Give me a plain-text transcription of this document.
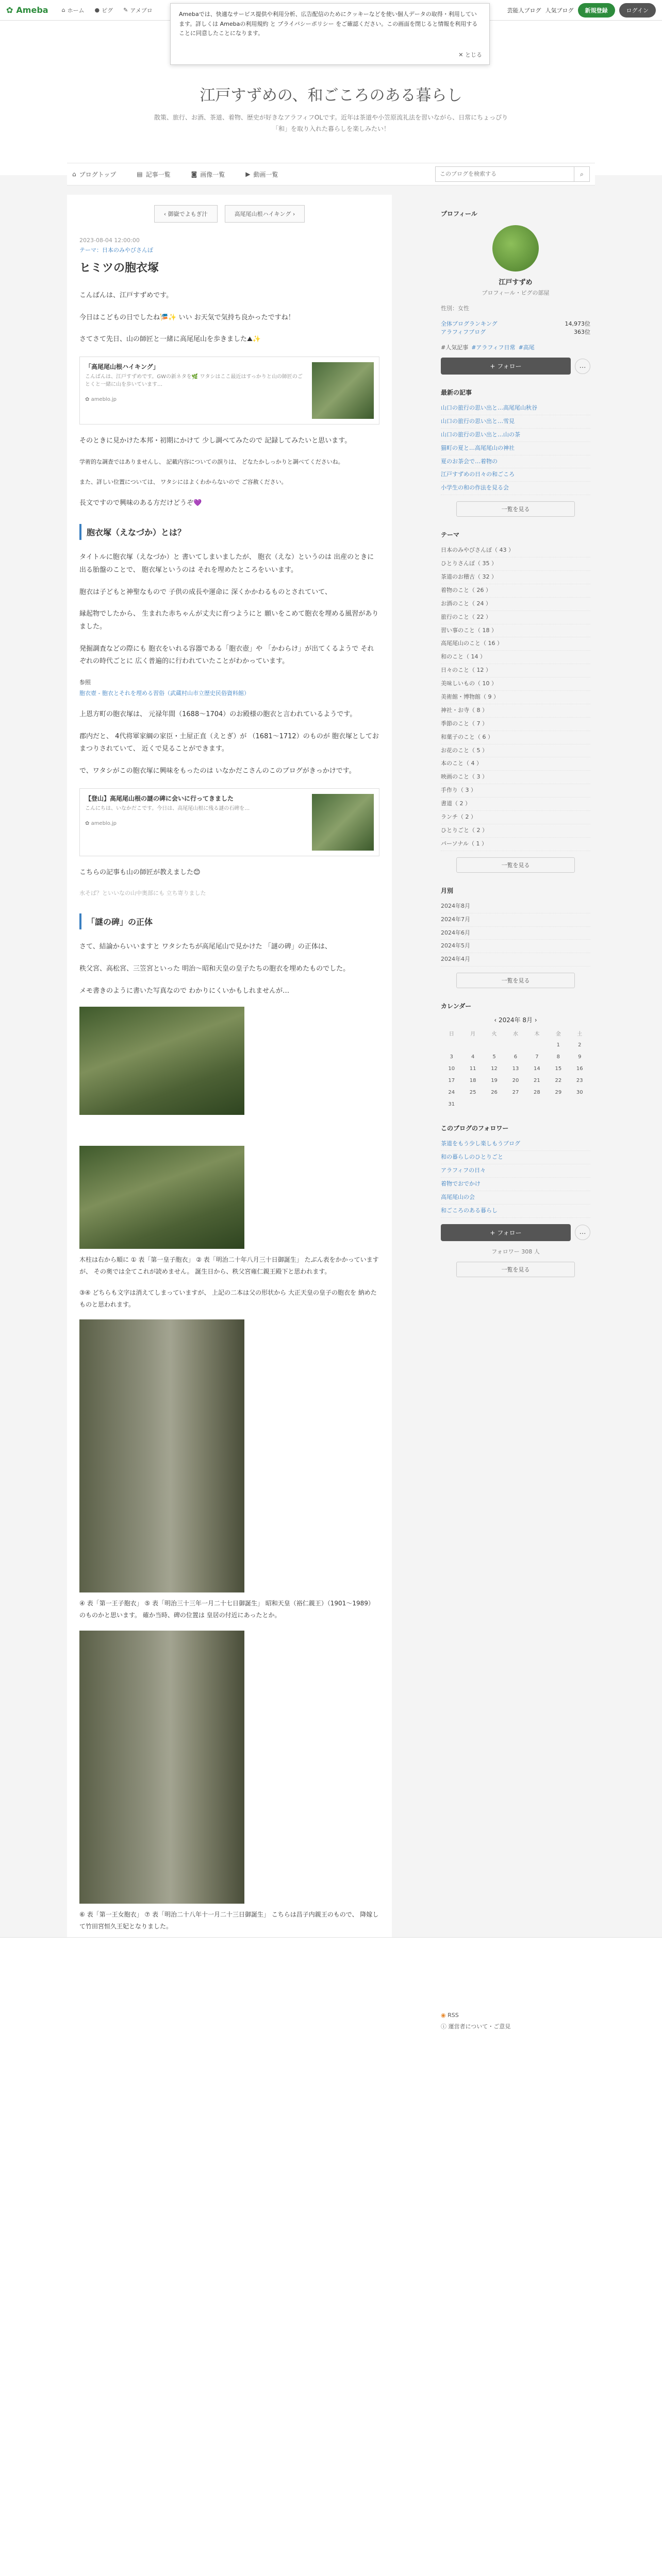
✿ Ameba ⌂ ホーム ● ピグ ✎ アメブロ	芸能人ブログ 人気ブログ	新規登録	ログイン
Amebaでは、快適なサービス提供や利用分析、広告配信のためにクッキーなどを使い個人データの取得・利用しています。詳しくは Amebaの利用規約 と プライバシーポリシー をご確認ください。この画面を閉じると情報を利用することに同意したことになります。
✕ とじる
江戸すずめの、和ごころのある暮らし
散策、旅行、お酒、茶道、着物、歴史が好きなアラフィフOLです。近年は茶道や小笠原流礼法を習いながら、日常にちょっぴり「和」を取り入れた暮らしを楽しみたい！
⌂ ブログトップ	▤ 記事一覧	◙ 画像一覧	▶ 動画一覧
このブログを検索する	⌕
‹ 御嶽でよもぎ汁	高尾尾山根ハイキング ›
2023-08-04 12:00:00
テーマ：日本のみやびさんぽ
ヒミツの胞衣塚
こんばんは、江戸すずめです。
今日はこどもの日でしたね🎏✨ いい お天気で気持ち良かったですね！
さてさて先日、山の師匠と一緒に高尾尾山を歩きました⛰✨
「高尾尾山根ハイキング」

こんばんは、江戸すずめです。GWの新ネタを🌿 ワタシはここ最近はすっかりと山の師匠のごとくと一緒に山を歩いています…

✿ ameblo.jp
そのときに見かけた本邦・初期にかけて 少し調べてみたので 記録してみたいと思います。
学術的な調査ではありませんし、 記載内容についての誤りは、 どなたかしっかりと調べてくださいね。
また、詳しい位置については、 ワタシにはよくわからないので ご容赦ください。
長文ですので興味のある方だけどうぞ💜
胞衣塚（えなづか）とは？
タイトルに胞衣塚（えなづか）と 書いてしまいましたが、 胞衣（えな）というのは 出産のときに出る胎盤のことで、 胞衣塚というのは それを埋めたところをいいます。
胞衣は子どもと神聖なもので 子供の成長や運命に 深くかかわるものとされていて、
縁起物でしたから、 生まれた赤ちゃんが丈夫に育つようにと 願いをこめて胞衣を埋める風習がありました。
発掘調査などの際にも 胞衣をいれる容器である「胞衣壺」や 「かわらけ」が出てくるようで それぞれの時代ごとに 広く普遍的に行われていたことがわかっています。
参照
胞衣壺 - 胞衣とそれを埋める習俗（武蔵村山市立歴史民俗資料館）
上恩方町の胞衣塚は、 元禄年間（1688〜1704）のお殿様の胞衣と言われているようです。
郡内だと、 4代将軍家綱の家臣・土屋正直（えとぎ）が （1681〜1712）のものが 胞衣塚としておまつりされていて、 近くで見ることができます。
で、ワタシがこの胞衣塚に興味をもったのは いなかだこさんのこのブログがきっかけです。
【登山】高尾尾山根の謎の碑に会いに行ってきました

こんにちは、いなかだこです。今日は、高尾尾山根に残る謎の石碑を…

✿ ameblo.jp
こちらの記事も山の師匠が教えました😊
水そば？といいなの山中奥部にも 立ち寄りました
「謎の碑」の正体
さて、結論からいいますと ワタシたちが高尾尾山で見かけた 「謎の碑」の正体は、
秩父宮、高松宮、三笠宮といった 明治〜昭和天皇の皇子たちの胞衣を埋めたものでした。
メモ書きのように書いた写真なので わかりにくいかもしれませんが…
木柱は右から順に ① 表「第一皇子胞衣」 ② 表「明治二十年八月三十日御誕生」 たぶん表をかかっていますが、 その奥では全てこれが読めません。 誕生日から、秩父宮雍仁親王殿下と思われます。
③④ どちらも文字は消えてしまっていますが、 上記の二本は父の形状から 大正天皇の皇子の胞衣を 納めたものと思われます。
④ 表「第一王子胞衣」 ⑤ 表「明治三十三年一月二十七日御誕生」 昭和天皇（裕仁親王）（1901〜1989）のものかと思います。 確か当時、碑の位置は 皇居の付近にあったとか。
⑥ 表「第一王女胞衣」 ⑦ 表「明治二十八年十一月二十三日御誕生」 こちらは昌子内親王のもので、 降嫁して竹田宮恒久王妃となりました。
プロフィール
江戸すずめ
プロフィール・ピグの部屋
性別：女性
全体ブログランキング	14,973位
アラフィフブログ	363位
#人気記事 #アラフィフ日常 #高尾
+ フォロー	…
最新の記事
山口の旅行の思い出と…高尾尾山秋谷
山口の旅行の思い出と…雪見
山口の旅行の思い出と…山の茶
猫町の夏と…高尾尾山の神社
夏のお茶会で…着物の
江戸すずめの日々の和ごころ
小学生の和の作法を見る会
一覧を見る
テーマ
日本のみやびさんぽ（ 43 ）
ひとりさんぽ（ 35 ）
茶道のお稽古（ 32 ）
着物のこと（ 26 ）
お酒のこと（ 24 ）
旅行のこと（ 22 ）
習い事のこと（ 18 ）
高尾尾山のこと（ 16 ）
和のこと（ 14 ）
日々のこと（ 12 ）
美味しいもの（ 10 ）
美術館・博物館（ 9 ）
神社・お寺（ 8 ）
季節のこと（ 7 ）
和菓子のこと（ 6 ）
お花のこと（ 5 ）
本のこと（ 4 ）
映画のこと（ 3 ）
手作り（ 3 ）
書道（ 2 ）
ランチ（ 2 ）
ひとりごと（ 2 ）
パーソナル（ 1 ）
一覧を見る
月別
2024年8月
2024年7月
2024年6月
2024年5月
2024年4月
一覧を見る
カレンダー
‹ 2024年 8月 ›
日	月	火	水	木	金	土
					1	2
3	4	5	6	7	8	9
10	11	12	13	14	15	16
17	18	19	20	21	22	23
24	25	26	27	28	29	30
31						
このブログのフォロワー
茶道をもう少し楽しもうブログ
和の暮らしのひとりごと
アラフィフの日々
着物でおでかけ
高尾尾山の会
和ごころのある暮らし
+ フォロー	…
フォロワー 308 人
一覧を見る
◉ RSS
ⓘ 運営者について・ご意見
